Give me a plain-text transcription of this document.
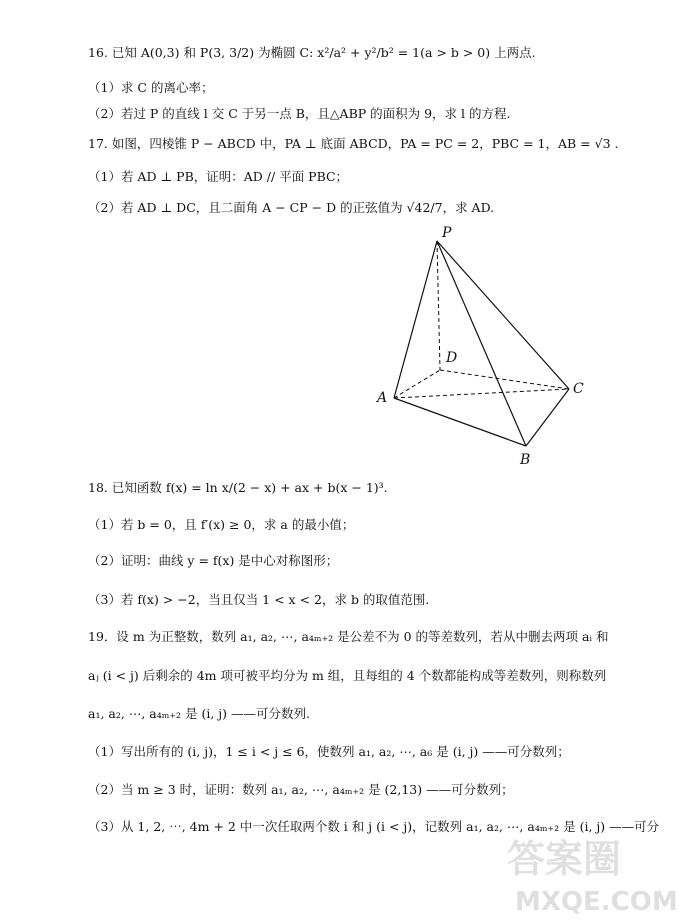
16. 已知 A(0,3) 和 P(3, 3/2) 为椭圆 C: x²/a² + y²/b² = 1(a > b > 0) 上两点.
（1）求 C 的离心率；
（2）若过 P 的直线 l 交 C 于另一点 B，且△ABP 的面积为 9，求 l 的方程.
17. 如图，四棱锥 P − ABCD 中，PA ⊥ 底面 ABCD，PA = PC = 2，PBC = 1，AB = √3 .
（1）若 AD ⊥ PB，证明：AD // 平面 PBC；
（2）若 AD ⊥ DC，且二面角 A − CP − D 的正弦值为 √42/7，求 AD.
P
D
A
C
B
18. 已知函数 f(x) = ln x/(2 − x) + ax + b(x − 1)³.
（1）若 b = 0，且 f′(x) ≥ 0，求 a 的最小值；
（2）证明：曲线 y = f(x) 是中心对称图形；
（3）若 f(x) > −2，当且仅当 1 < x < 2，求 b 的取值范围.
19．设 m 为正整数，数列 a₁, a₂, ⋯, a₄ₘ₊₂ 是公差不为 0 的等差数列，若从中删去两项 aᵢ 和
aⱼ (i < j) 后剩余的 4m 项可被平均分为 m 组，且每组的 4 个数都能构成等差数列，则称数列
a₁, a₂, ⋯, a₄ₘ₊₂ 是 (i, j) ——可分数列.
（1）写出所有的 (i, j)，1 ≤ i < j ≤ 6，使数列 a₁, a₂, ⋯, a₆ 是 (i, j) ——可分数列；
（2）当 m ≥ 3 时，证明：数列 a₁, a₂, ⋯, a₄ₘ₊₂ 是 (2,13) ——可分数列；
（3）从 1, 2, ⋯, 4m + 2 中一次任取两个数 i 和 j (i < j)，记数列 a₁, a₂, ⋯, a₄ₘ₊₂ 是 (i, j) ——可分
答案圈
MXQE.COM
